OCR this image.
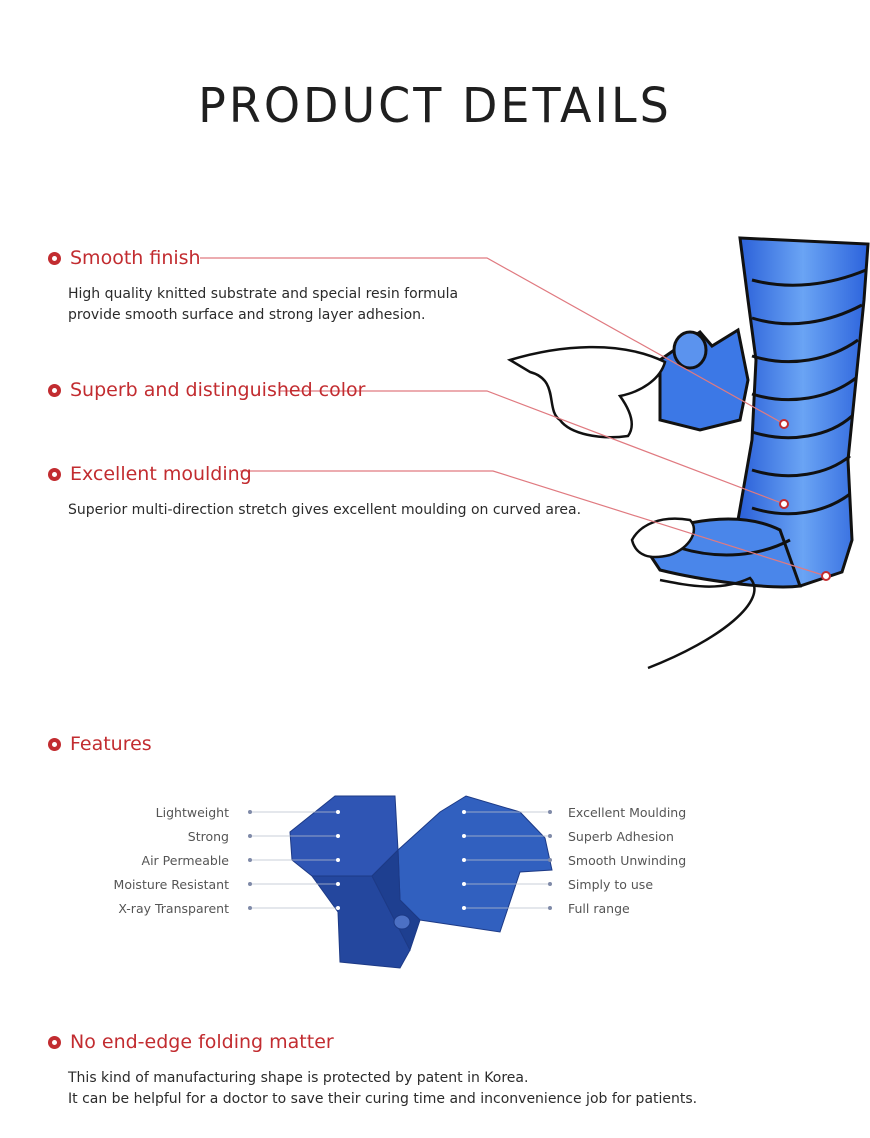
PRODUCT DETAILS
Smooth finish
High quality knitted substrate and special resin formula
provide smooth surface and strong layer adhesion.
Superb and distinguished color
Excellent moulding
Superior multi-direction stretch gives excellent moulding on curved area.
Features
Lightweight
Strong
Air Permeable
Moisture Resistant
X-ray Transparent
Excellent Moulding
Superb Adhesion
Smooth Unwinding
Simply to use
Full range
No end-edge folding matter
This kind of manufacturing shape is protected by patent in Korea.
It can be helpful for a doctor to save their curing time and inconvenience job for patients.
